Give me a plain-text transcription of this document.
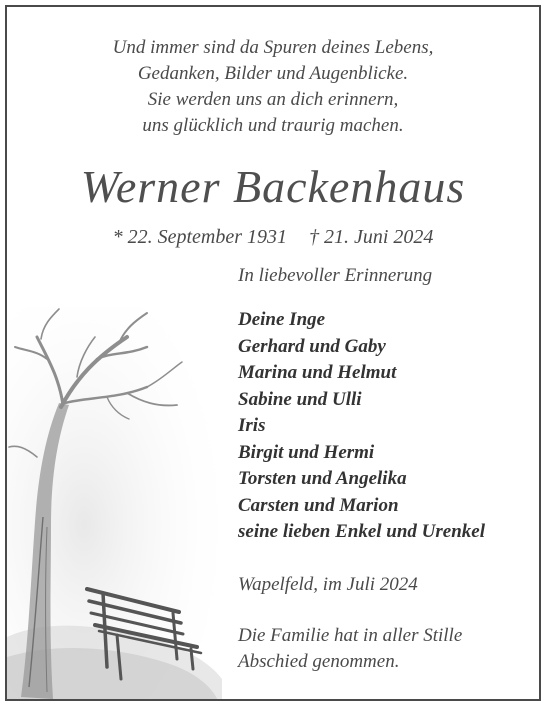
Und immer sind da Spuren deines Lebens,
Gedanken, Bilder und Augenblicke.
Sie werden uns an dich erinnern,
uns glücklich und traurig machen.
Werner Backenhaus
* 22. September 1931 † 21. Juni 2024
In liebevoller Erinnerung
Deine Inge
Gerhard und Gaby
Marina und Helmut
Sabine und Ulli
Iris
Birgit und Hermi
Torsten und Angelika
Carsten und Marion
seine lieben Enkel und Urenkel
Wapelfeld, im Juli 2024
Die Familie hat in aller Stille
Abschied genommen.
